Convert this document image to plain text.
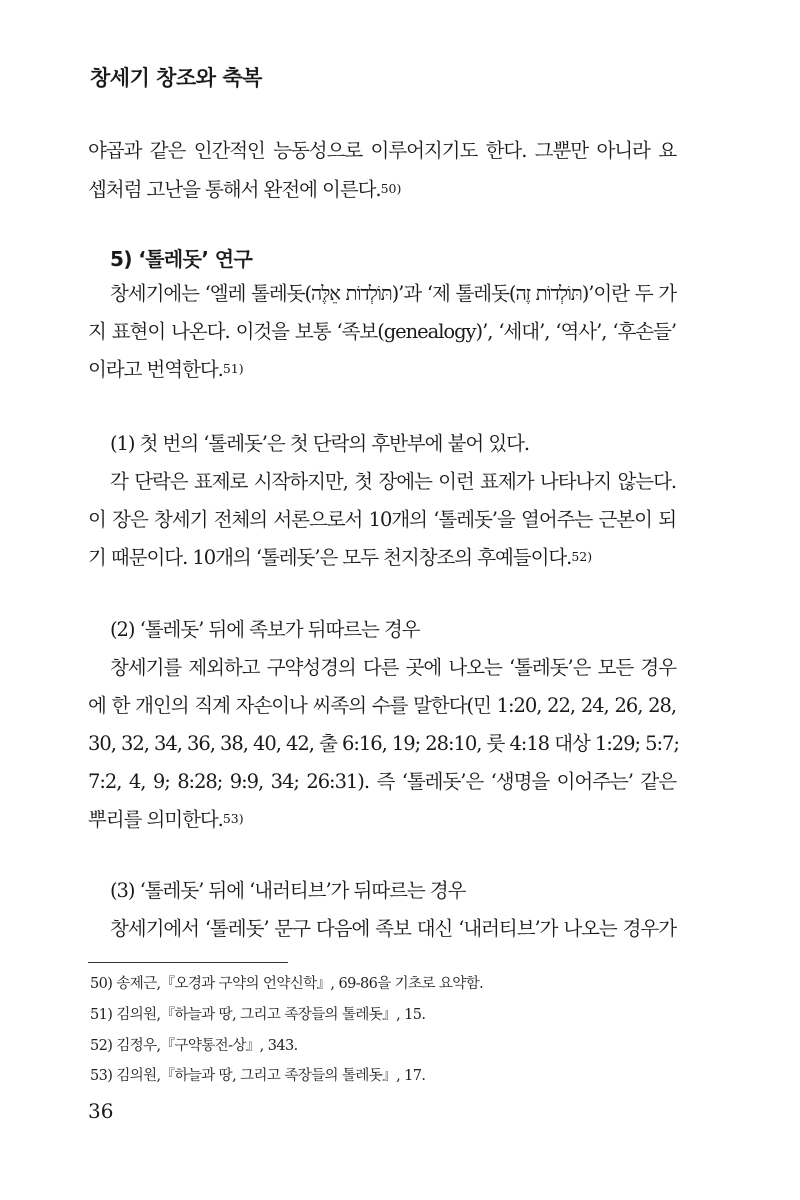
창세기 창조와 축복
야곱과 같은 인간적인 능동성으로 이루어지기도 한다. 그뿐만 아니라 요
셉처럼 고난을 통해서 완전에 이른다.50)
5) ‘톨레돗’ 연구
창세기에는 ‘엘레 톨레돗(תּוֹלְדוֹת אֵלֶּה)’과 ‘제 톨레돗(תּוֹלְדוֹת זֶה)’이란 두 가
지 표현이 나온다. 이것을 보통 ‘족보(genealogy)’, ‘세대’, ‘역사’, ‘후손들’
이라고 번역한다.51)
(1) 첫 번의 ‘톨레돗’은 첫 단락의 후반부에 붙어 있다.
각 단락은 표제로 시작하지만, 첫 장에는 이런 표제가 나타나지 않는다.
이 장은 창세기 전체의 서론으로서 10개의 ‘톨레돗’을 열어주는 근본이 되
기 때문이다. 10개의 ‘톨레돗’은 모두 천지창조의 후예들이다.52)
(2) ‘톨레돗’ 뒤에 족보가 뒤따르는 경우
창세기를 제외하고 구약성경의 다른 곳에 나오는 ‘톨레돗’은 모든 경우
에 한 개인의 직계 자손이나 씨족의 수를 말한다(민 1:20, 22, 24, 26, 28,
30, 32, 34, 36, 38, 40, 42, 출 6:16, 19; 28:10, 룻 4:18 대상 1:29; 5:7;
7:2, 4, 9; 8:28; 9:9, 34; 26:31). 즉 ‘톨레돗’은 ‘생명을 이어주는’ 같은
뿌리를 의미한다.53)
(3) ‘톨레돗’ 뒤에 ‘내러티브’가 뒤따르는 경우
창세기에서 ‘톨레돗’ 문구 다음에 족보 대신 ‘내러티브’가 나오는 경우가
50) 송제근,『오경과 구약의 언약신학』, 69-86을 기초로 요약함.
51) 김의원,『하늘과 땅, 그리고 족장들의 톨레돗』, 15.
52) 김정우,『구약통전-상』, 343.
53) 김의원,『하늘과 땅, 그리고 족장들의 톨레돗』, 17.
36
